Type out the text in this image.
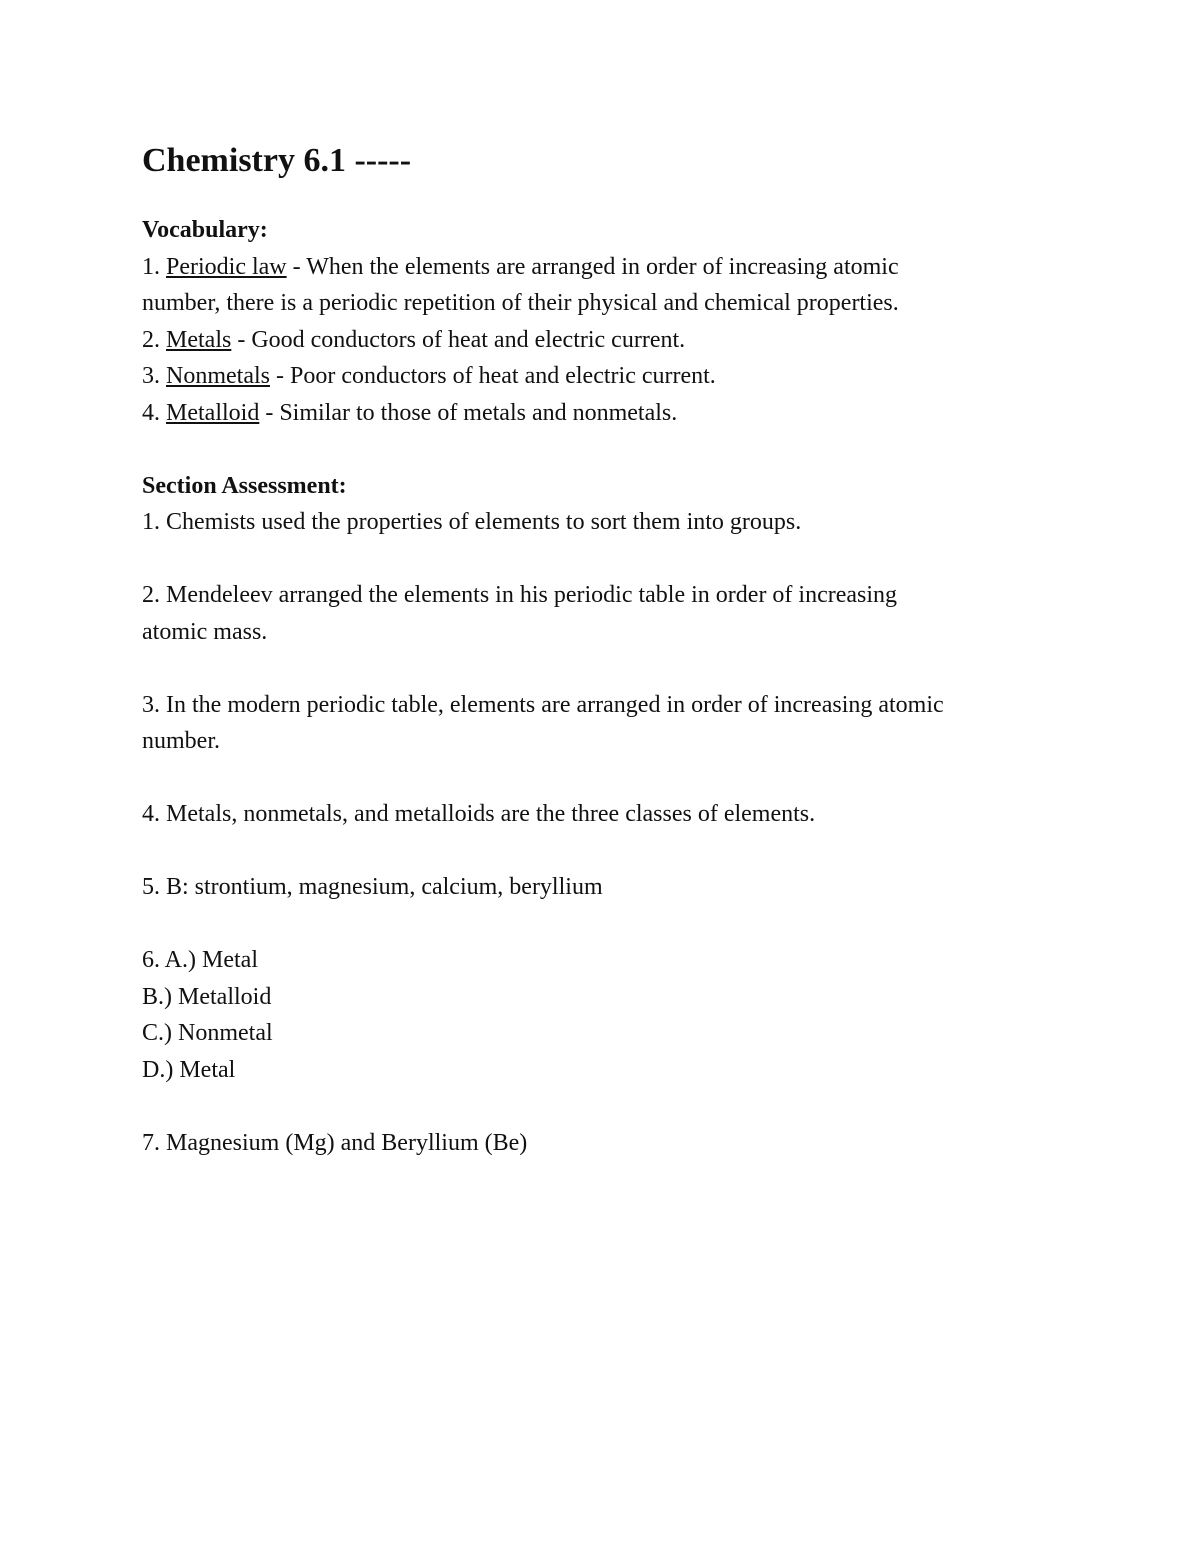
Chemistry 6.1 -----
Vocabulary:
1. Periodic law - When the elements are arranged in order of increasing atomic
number, there is a periodic repetition of their physical and chemical properties.
2. Metals - Good conductors of heat and electric current.
3. Nonmetals - Poor conductors of heat and electric current.
4. Metalloid - Similar to those of metals and nonmetals.
Section Assessment:
1. Chemists used the properties of elements to sort them into groups.
2. Mendeleev arranged the elements in his periodic table in order of increasing
atomic mass.
3. In the modern periodic table, elements are arranged in order of increasing atomic
number.
4. Metals, nonmetals, and metalloids are the three classes of elements.
5. B: strontium, magnesium, calcium, beryllium
6. A.) Metal
B.) Metalloid
C.) Nonmetal
D.) Metal
7. Magnesium (Mg) and Beryllium (Be)
